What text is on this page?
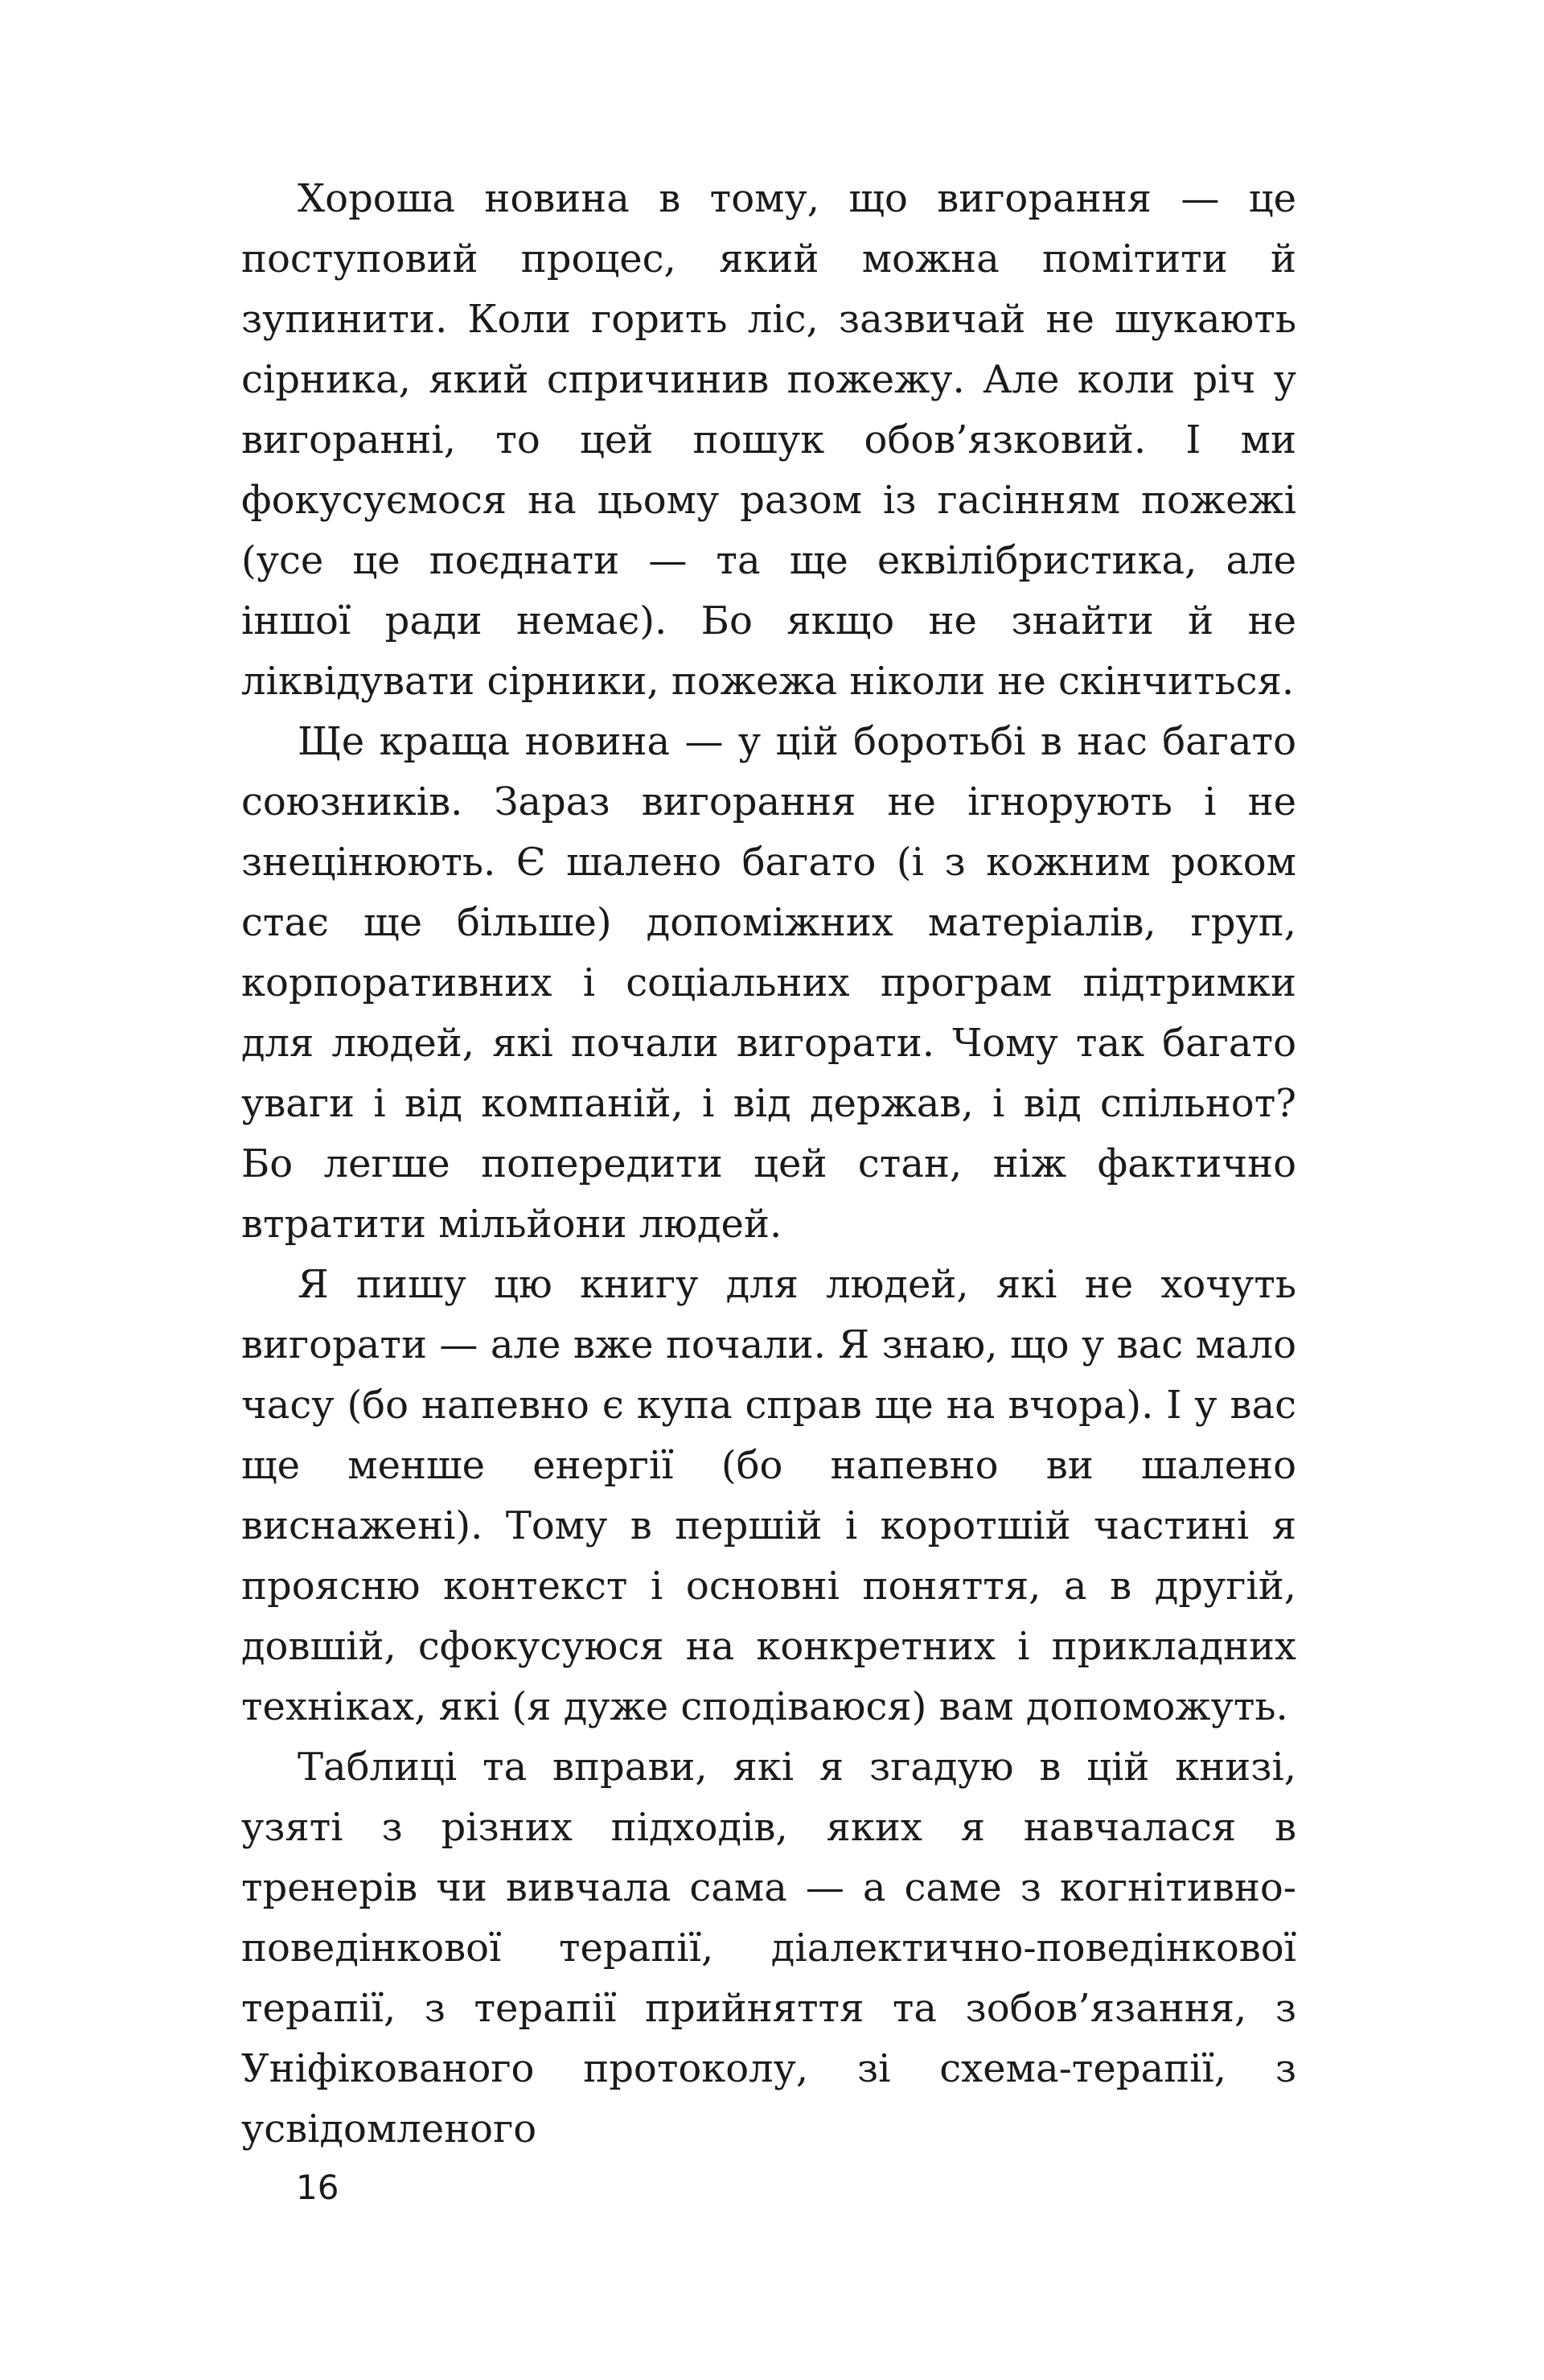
Хороша новина в тому, що вигорання — це поступовий процес, який можна помітити й зупинити. Коли горить ліс, зазвичай не шукають сірника, який спричинив пожежу. Але коли річ у вигоранні, то цей пошук обов’язковий. І ми фокусуємося на цьому разом із гасінням пожежі (усе це поєднати — та ще еквілібристика, але іншої ради немає). Бо якщо не знайти й не ліквідувати сірники, пожежа ніколи не скінчиться.

Ще краща новина — у цій боротьбі в нас багато союзників. Зараз вигорання не ігнорують і не знецінюють. Є шалено багато (і з кожним роком стає ще більше) допоміжних матеріалів, груп, корпоративних і соціальних програм підтримки для людей, які почали вигорати. Чому так багато уваги і від компаній, і від держав, і від спільнот? Бо легше попередити цей стан, ніж фактично втратити мільйони людей.

Я пишу цю книгу для людей, які не хочуть вигорати — але вже почали. Я знаю, що у вас мало часу (бо напевно є купа справ ще на вчора). І у вас ще менше енергії (бо напевно ви шалено виснажені). Тому в першій і коротшій частині я проясню контекст і основні поняття, а в другій, довшій, сфокусуюся на конкретних і прикладних техніках, які (я дуже сподіваюся) вам допоможуть.

Таблиці та вправи, які я згадую в цій книзі, узяті з різних підходів, яких я навчалася в тренерів чи вивчала сама — а саме з когнітивно-поведінкової терапії, діалектично-поведінкової терапії, з терапії прийняття та зобов’язання, з Уніфікованого протоколу, зі схема-терапії, з усвідомленого

16
